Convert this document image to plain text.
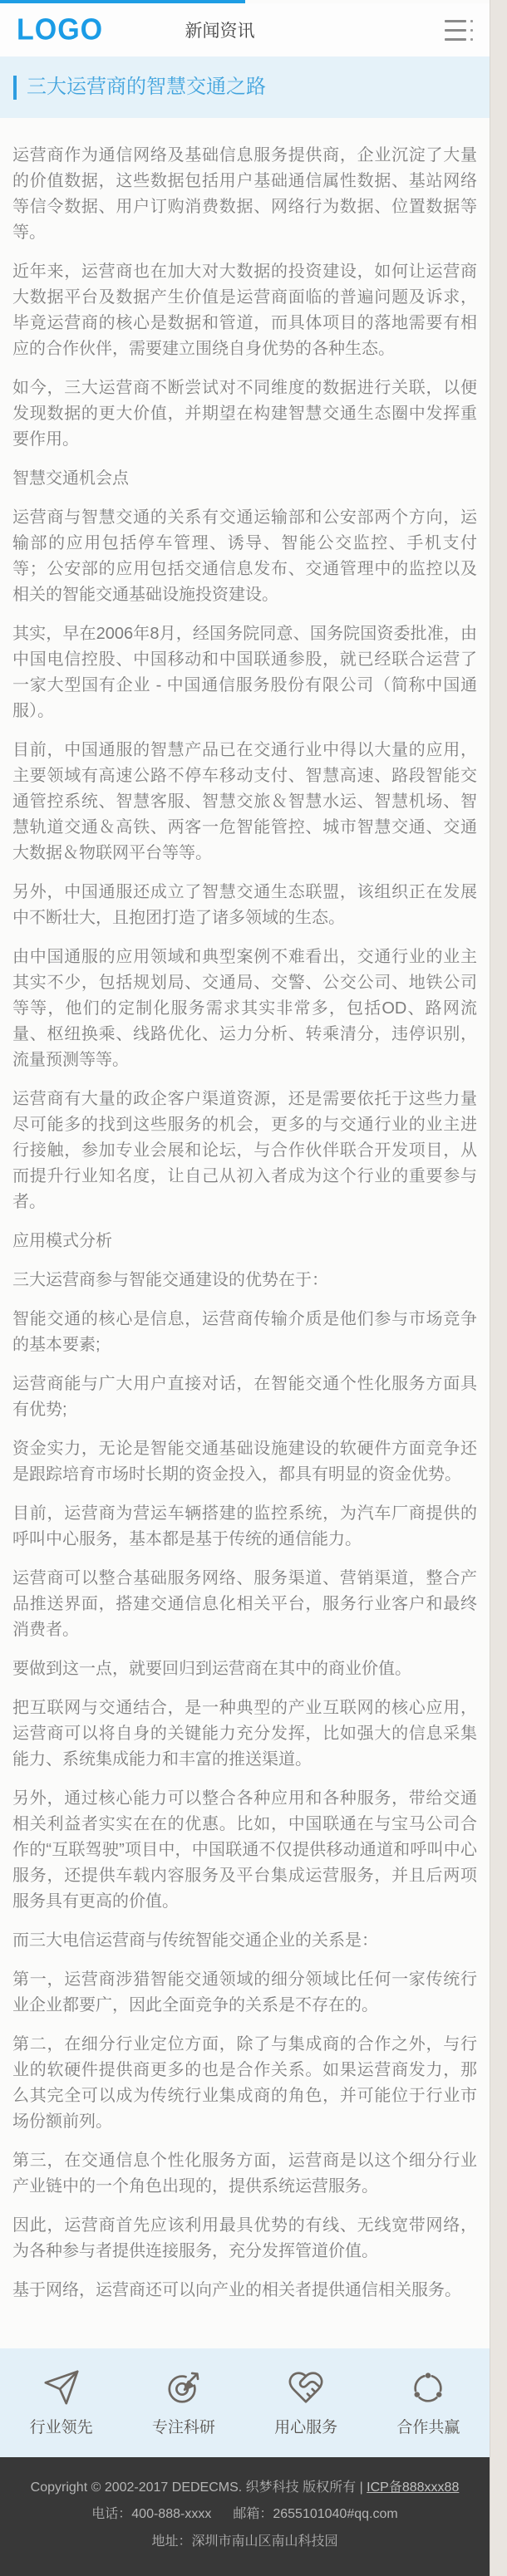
LOGO	新闻资讯
三大运营商的智慧交通之路

运营商作为通信网络及基础信息服务提供商，企业沉淀了大量的价值数据，这些数据包括用户基础通信属性数据、基站网络等信令数据、用户订购消费数据、网络行为数据、位置数据等等。

近年来，运营商也在加大对大数据的投资建设，如何让运营商大数据平台及数据产生价值是运营商面临的普遍问题及诉求，毕竟运营商的核心是数据和管道，而具体项目的落地需要有相应的合作伙伴，需要建立围绕自身优势的各种生态。

如今，三大运营商不断尝试对不同维度的数据进行关联，以便发现数据的更大价值，并期望在构建智慧交通生态圈中发挥重要作用。

智慧交通机会点

运营商与智慧交通的关系有交通运输部和公安部两个方向，运输部的应用包括停车管理、诱导、智能公交监控、手机支付等；公安部的应用包括交通信息发布、交通管理中的监控以及相关的智能交通基础设施投资建设。

其实，早在2006年8月，经国务院同意、国务院国资委批准，由中国电信控股、中国移动和中国联通参股，就已经联合运营了一家大型国有企业 - 中国通信服务股份有限公司（简称中国通服）。

目前，中国通服的智慧产品已在交通行业中得以大量的应用，主要领域有高速公路不停车移动支付、智慧高速、路段智能交通管控系统、智慧客服、智慧交旅＆智慧水运、智慧机场、智慧轨道交通＆高铁、两客一危智能管控、城市智慧交通、交通大数据＆物联网平台等等。

另外，中国通服还成立了智慧交通生态联盟，该组织正在发展中不断壮大，且抱团打造了诸多领域的生态。

由中国通服的应用领域和典型案例不难看出，交通行业的业主其实不少，包括规划局、交通局、交警、公交公司、地铁公司等等，他们的定制化服务需求其实非常多，包括OD、路网流量、枢纽换乘、线路优化、运力分析、转乘清分，违停识别，流量预测等等。

运营商有大量的政企客户渠道资源，还是需要依托于这些力量尽可能多的找到这些服务的机会，更多的与交通行业的业主进行接触，参加专业会展和论坛，与合作伙伴联合开发项目，从而提升行业知名度，让自己从初入者成为这个行业的重要参与者。

应用模式分析

三大运营商参与智能交通建设的优势在于：

智能交通的核心是信息，运营商传输介质是他们参与市场竞争的基本要素;

运营商能与广大用户直接对话，在智能交通个性化服务方面具有优势;

资金实力，无论是智能交通基础设施建设的软硬件方面竞争还是跟踪培育市场时长期的资金投入，都具有明显的资金优势。

目前，运营商为营运车辆搭建的监控系统，为汽车厂商提供的呼叫中心服务，基本都是基于传统的通信能力。

运营商可以整合基础服务网络、服务渠道、营销渠道，整合产品推送界面，搭建交通信息化相关平台，服务行业客户和最终消费者。

要做到这一点，就要回归到运营商在其中的商业价值。

把互联网与交通结合，是一种典型的产业互联网的核心应用，运营商可以将自身的关键能力充分发挥，比如强大的信息采集能力、系统集成能力和丰富的推送渠道。

另外，通过核心能力可以整合各种应用和各种服务，带给交通相关利益者实实在在的优惠。比如，中国联通在与宝马公司合作的“互联驾驶”项目中，中国联通不仅提供移动通道和呼叫中心服务，还提供车载内容服务及平台集成运营服务，并且后两项服务具有更高的价值。

而三大电信运营商与传统智能交通企业的关系是：

第一，运营商涉猎智能交通领域的细分领域比任何一家传统行业企业都要广，因此全面竞争的关系是不存在的。

第二，在细分行业定位方面，除了与集成商的合作之外，与行业的软硬件提供商更多的也是合作关系。如果运营商发力，那么其完全可以成为传统行业集成商的角色，并可能位于行业市场份额前列。

第三，在交通信息个性化服务方面，运营商是以这个细分行业产业链中的一个角色出现的，提供系统运营服务。

因此，运营商首先应该利用最具优势的有线、无线宽带网络，为各种参与者提供连接服务，充分发挥管道价值。

基于网络，运营商还可以向产业的相关者提供通信相关服务。

行业领先	专注科研	用心服务	合作共赢
Copyright © 2002-2017 DEDECMS. 织梦科技 版权所有 | ICP备888xxx88
电话：400-888-xxxx 邮箱：2655101040#qq.com
地址：深圳市南山区南山科技园
